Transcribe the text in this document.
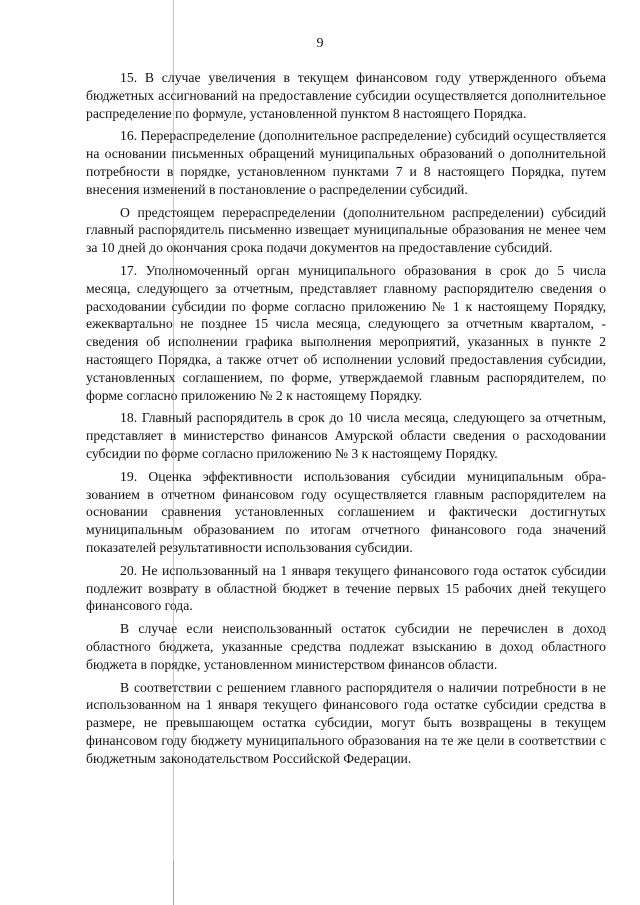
9

15. В случае увеличения в текущем финансовом году утвержденного объема бюджетных ассигнований на предоставление субсидии осуществляется дополнительное распределение по формуле, установленной пунктом 8 настоящего Порядка.

16. Перераспределение (дополнительное распределение) субсидий осуществляется на основании письменных обращений муниципальных образований о дополнительной потребности в порядке, установленном пунктами 7 и 8 настоящего Порядка, путем внесения изменений в постановление о распределении субсидий.

О предстоящем перераспределении (дополнительном распределении) субсидий главный распорядитель письменно извещает муниципальные образования не менее чем за 10 дней до окончания срока подачи документов на предоставление субсидий.

17. Уполномоченный орган муниципального образования в срок до 5 числа месяца, следующего за отчетным, представляет главному распорядителю сведения о расходовании субсидии по форме согласно приложению № 1 к настоящему Порядку, ежеквартально не позднее 15 числа месяца, следующего за отчетным кварталом, - сведения об исполнении графика выполнения мероприятий, указанных в пункте 2 настоящего Порядка, а также отчет об исполнении условий предоставления субсидии, установленных соглашением, по форме, утверждаемой главным распорядителем, по форме согласно приложению № 2 к настоящему Порядку.

18. Главный распорядитель в срок до 10 числа месяца, следующего за отчетным, представляет в министерство финансов Амурской области сведения о расходовании субсидии по форме согласно приложению № 3 к настоящему Порядку.

19. Оценка эффективности использования субсидии муниципальным образованием в отчетном финансовом году осуществляется главным распорядителем на основании сравнения установленных соглашением и фактически достигнутых муниципальным образованием по итогам отчетного финансового года значений показателей результативности использования субсидии.

20. Не использованный на 1 января текущего финансового года остаток субсидии подлежит возврату в областной бюджет в течение первых 15 рабочих дней текущего финансового года.

В случае если неиспользованный остаток субсидии не перечислен в доход областного бюджета, указанные средства подлежат взысканию в доход областного бюджета в порядке, установленном министерством финансов области.

В соответствии с решением главного распорядителя о наличии потребности в не использованном на 1 января текущего финансового года остатке субсидии средства в размере, не превышающем остатка субсидии, могут быть возвращены в текущем финансовом году бюджету муниципального образования на те же цели в соответствии с бюджетным законодательством Российской Федерации.
